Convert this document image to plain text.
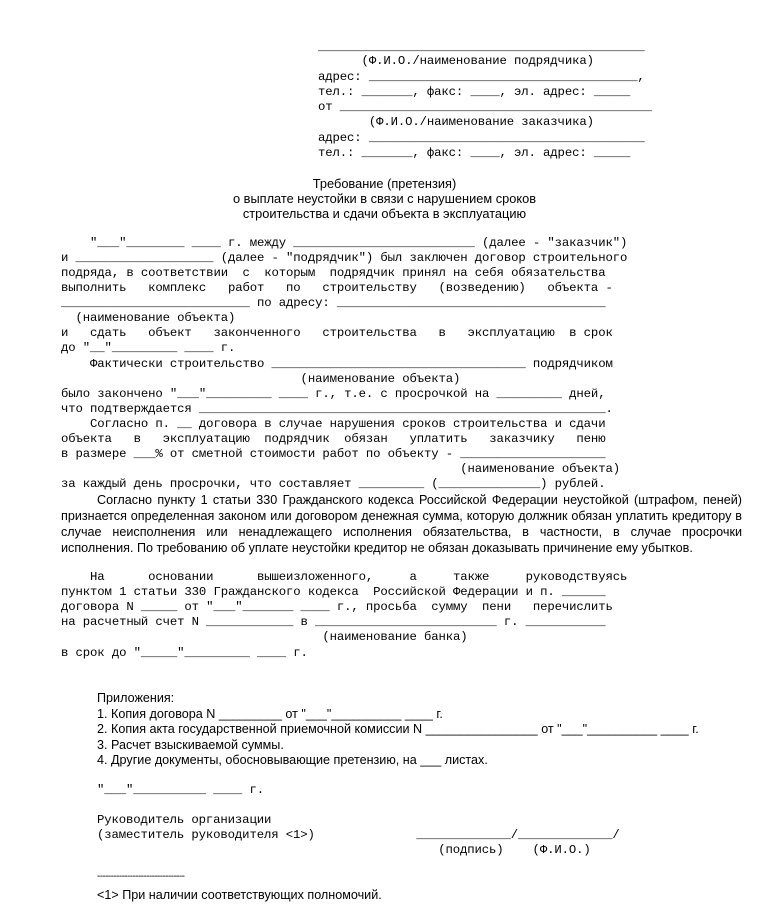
_____________________________________________
(Ф.И.О./наименование подрядчика)
адрес: _____________________________________,
тел.: _______, факс: ____, эл. адрес: _____
от ___________________________________________
(Ф.И.О./наименование заказчика)
адрес: ______________________________________
тел.: _______, факс: ____, эл. адрес: _____
Требование (претензия)
о выплате неустойки в связи с нарушением сроков
строительства и сдачи объекта в эксплуатацию
"___"________ ____ г. между _________________________ (далее - "заказчик")
и ___________________ (далее - "подрядчик") был заключен договор строительного
подряда, в соответствии  с  которым  подрядчик принял на себя обязательства
выполнить   комплекс   работ   по   строительству   (возведению)   объекта -
__________________________ по адресу: _____________________________________
(наименование объекта)
и   сдать   объект   законченного   строительства   в   эксплуатацию  в срок
до "__"_________ ____ г.
Фактически строительство ___________________________________ подрядчиком
(наименование объекта)
было закончено "___"_________ ____ г., т.е. с просрочкой на _________ дней,
что подтверждается ________________________________________________________.
Согласно п. __ договора в случае нарушения сроков строительства и сдачи
объекта   в   эксплуатацию  подрядчик  обязан   уплатить   заказчику   пеню
в размере ___% от сметной стоимости работ по объекту - ____________________
(наименование объекта)
за каждый день просрочки, что составляет _________ (______________) рублей.
Согласно пункту 1 статьи 330 Гражданского кодекса Российской Федерации неустойкой (штрафом, пеней) признается определенная законом или договором денежная сумма, которую должник обязан уплатить кредитору в случае неисполнения или ненадлежащего исполнения обязательства, в частности, в случае просрочки исполнения. По требованию об уплате неустойки кредитор не обязан доказывать причинение ему убытков.
На      основании      вышеизложенного,     а     также     руководствуясь
пунктом 1 статьи 330 Гражданского кодекса  Российской Федерации и п. ______
договора N _____ от "___"_______ ____ г., просьба  сумму  пени   перечислить
на расчетный счет N ____________ в _________________________ г. ___________
(наименование банка)
в срок до "_____"_________ ____ г.
Приложения:
1. Копия договора N _________ от "___"__________ ____ г.
2. Копия акта государственной приемочной комиссии N ________________ от "___"__________ ____ г.
3. Расчет взыскиваемой суммы.
4. Другие документы, обосновывающие претензию, на ___ листах.
"___"__________ ____ г.
Руководитель организации
(заместитель руководителя <1>)              _____________/_____________/
(подпись)    (Ф.И.О.)
--------------------------------
<1> При наличии соответствующих полномочий.
